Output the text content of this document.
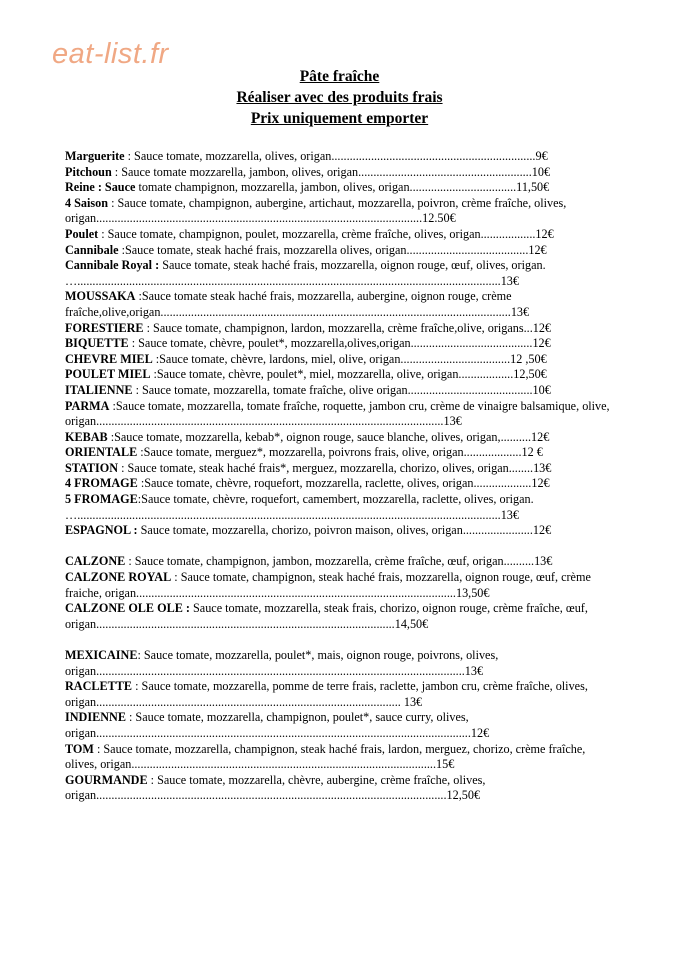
eat-list.fr
Pâte fraîche
Réaliser avec des produits frais
Prix uniquement emporter

Marguerite : Sauce tomate, mozzarella, olives, origan...................................................................9€

Pitchoun : Sauce tomate mozzarella, jambon, olives, origan.........................................................10€

Reine : Sauce tomate champignon, mozzarella, jambon, olives, origan...................................11,50€

4 Saison : Sauce tomate, champignon, aubergine, artichaut, mozzarella, poivron, crème fraîche, olives, origan...........................................................................................................12.50€

Poulet : Sauce tomate, champignon, poulet, mozzarella, crème fraîche, olives, origan..................12€

Cannibale :Sauce tomate, steak haché frais, mozzarella olives, origan........................................12€

Cannibale Royal : Sauce tomate, steak haché frais, mozzarella, oignon rouge, œuf, olives, origan. …...........................................................................................................................................13€

MOUSSAKA :Sauce tomate steak haché frais, mozzarella, aubergine, oignon rouge, crème fraîche,olive,origan...................................................................................................................13€

FORESTIERE : Sauce tomate, champignon, lardon, mozzarella, crème fraîche,olive, origans...12€

BIQUETTE : Sauce tomate, chèvre, poulet*, mozzarella,olives,origan........................................12€

CHEVRE MIEL :Sauce tomate, chèvre, lardons, miel, olive, origan....................................12 ,50€

POULET MIEL :Sauce tomate, chèvre, poulet*, miel, mozzarella, olive, origan..................12,50€

ITALIENNE : Sauce tomate, mozzarella, tomate fraîche, olive origan.........................................10€

PARMA :Sauce tomate, mozzarella, tomate fraîche, roquette, jambon cru, crème de vinaigre balsamique, olive, origan..................................................................................................................13€

KEBAB :Sauce tomate, mozzarella, kebab*, oignon rouge, sauce blanche, olives, origan,..........12€

ORIENTALE :Sauce tomate, merguez*, mozzarella, poivrons frais, olive, origan...................12 €

STATION : Sauce tomate, steak haché frais*, merguez, mozzarella, chorizo, olives, origan........13€

4 FROMAGE :Sauce tomate, chèvre, roquefort, mozzarella, raclette, olives, origan...................12€

5 FROMAGE:Sauce tomate, chèvre, roquefort, camembert, mozzarella, raclette, olives, origan. …...........................................................................................................................................13€

ESPAGNOL : Sauce tomate, mozzarella, chorizo, poivron maison, olives, origan.......................12€

CALZONE : Sauce tomate, champignon, jambon, mozzarella, crème fraîche, œuf, origan..........13€

CALZONE ROYAL : Sauce tomate, champignon, steak haché frais, mozzarella, oignon rouge, œuf, crème fraiche, origan.........................................................................................................13,50€

CALZONE OLE OLE : Sauce tomate, mozzarella, steak frais, chorizo, oignon rouge, crème fraîche, œuf, origan..................................................................................................14,50€

MEXICAINE: Sauce tomate, mozzarella, poulet*, mais, oignon rouge, poivrons, olives, origan.........................................................................................................................13€

RACLETTE : Sauce tomate, mozzarella, pomme de terre frais, raclette, jambon cru, crème fraîche, olives, origan.................................................................................................... 13€

INDIENNE : Sauce tomate, mozzarella, champignon, poulet*, sauce curry, olives, origan...........................................................................................................................12€

TOM : Sauce tomate, mozzarella, champignon, steak haché frais, lardon, merguez, chorizo, crème fraîche, olives, origan....................................................................................................15€

GOURMANDE : Sauce tomate, mozzarella, chèvre, aubergine, crème fraîche, olives, origan...................................................................................................................12,50€
